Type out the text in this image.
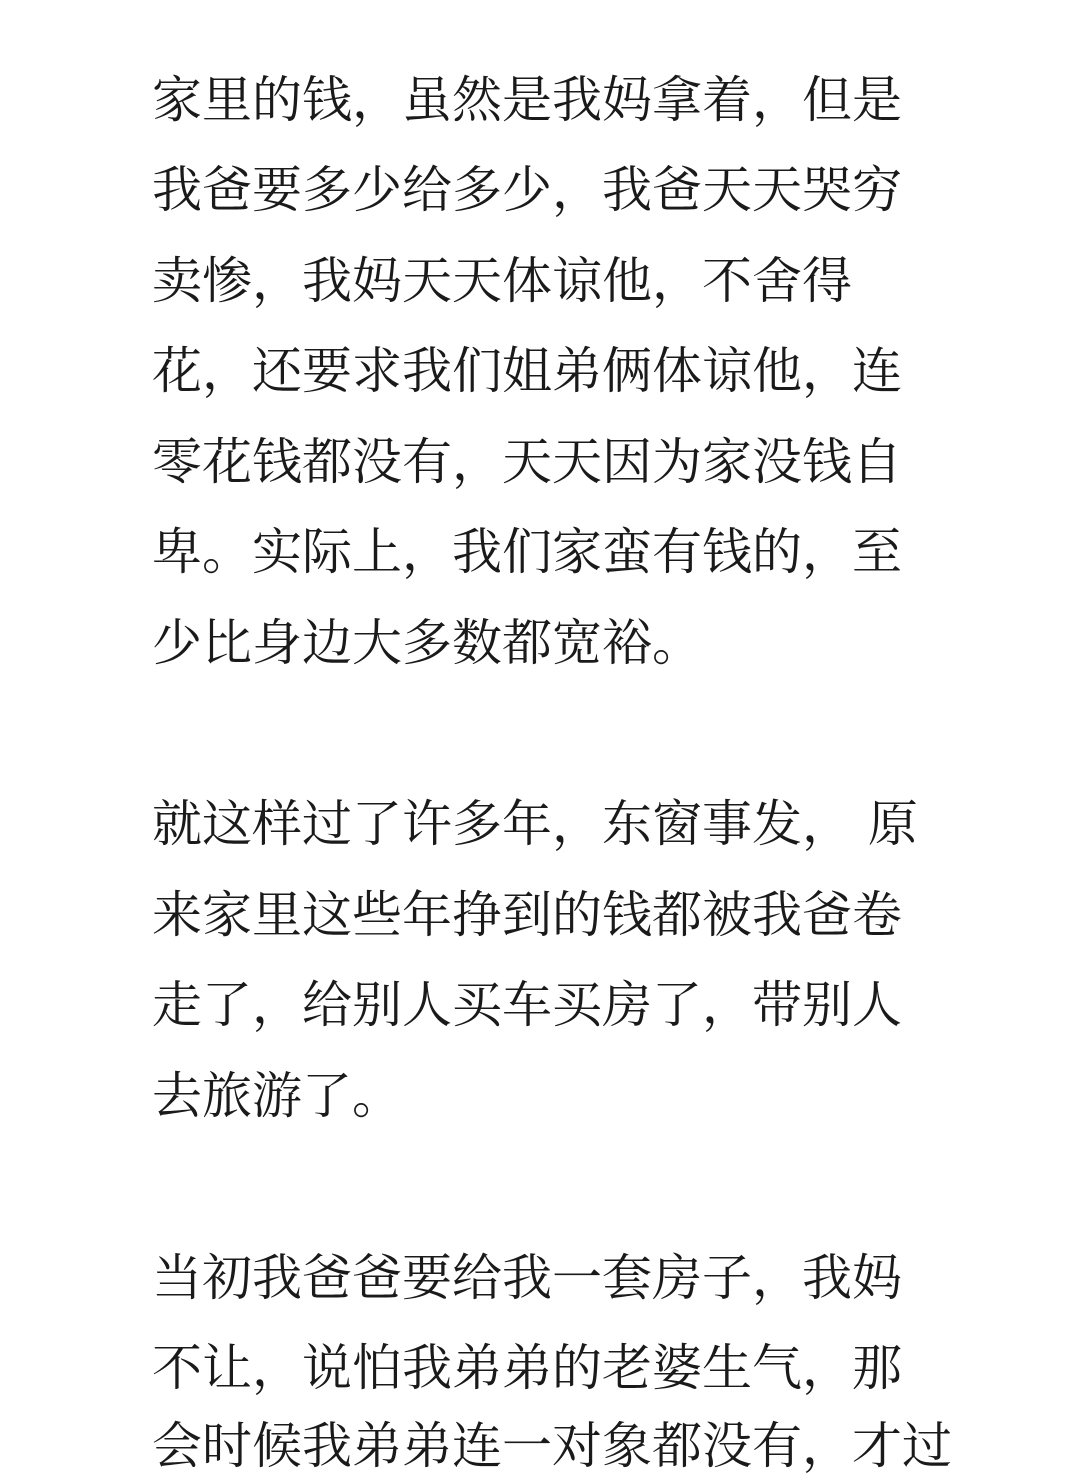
家里的钱，虽然是我妈拿着，但是
我爸要多少给多少，我爸天天哭穷
卖惨，我妈天天体谅他，不舍得
花，还要求我们姐弟俩体谅他，连
零花钱都没有，天天因为家没钱自
卑。实际上，我们家蛮有钱的，至
少比身边大多数都宽裕。
就这样过了许多年，东窗事发， 原
来家里这些年挣到的钱都被我爸卷
走了，给别人买车买房了，带别人
去旅游了。
当初我爸爸要给我一套房子，我妈
不让，说怕我弟弟的老婆生气，那
会时候我弟弟连一对象都没有，才过
